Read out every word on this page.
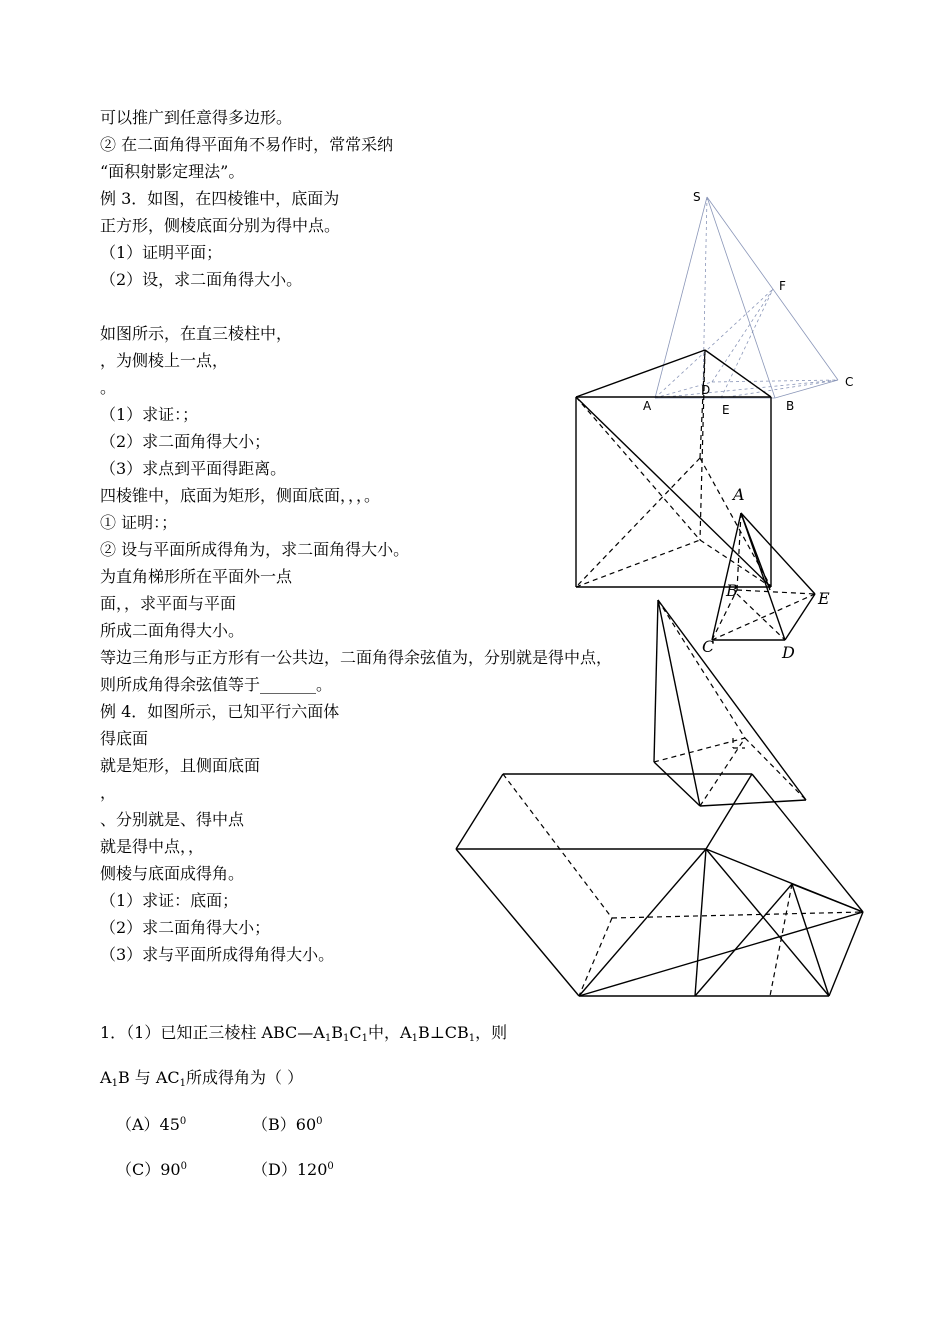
可以推广到任意得多边形。
② 在二面角得平面角不易作时，常常采纳
“面积射影定理法”。
例 3．如图，在四棱锥中，底面为
正方形，侧棱底面分别为得中点。
（1）证明平面；
（2）设，求二面角得大小。
如图所示，在直三棱柱中，
，为侧棱上一点，
。
（1）求证：；
（2）求二面角得大小；
（3）求点到平面得距离。
四棱锥中，底面为矩形，侧面底面，，，。
① 证明：；
② 设与平面所成得角为，求二面角得大小。
为直角梯形所在平面外一点
面，，求平面与平面
所成二面角得大小。
等边三角形与正方形有一公共边，二面角得余弦值为，分别就是得中点，
则所成角得余弦值等于_______。
例 4．如图所示，已知平行六面体
得底面
就是矩形，且侧面底面
，
、分别就是、得中点
就是得中点，，
侧棱与底面成得角。
（1）求证：底面；
（2）求二面角得大小；
（3）求与平面所成得角得大小。
1．（1）已知正三棱柱 $ABC—A_1B_1C_1$中，$A_1B\perp CB_1$，则
$A_1B$ 与 $AC_1$所成得角为（ ）
$(A)45^0$	$(B)60^0$
$(C)90^0$	$(D)120^0$
S
F
C
A
D
E	B
A
B	E
C	D
